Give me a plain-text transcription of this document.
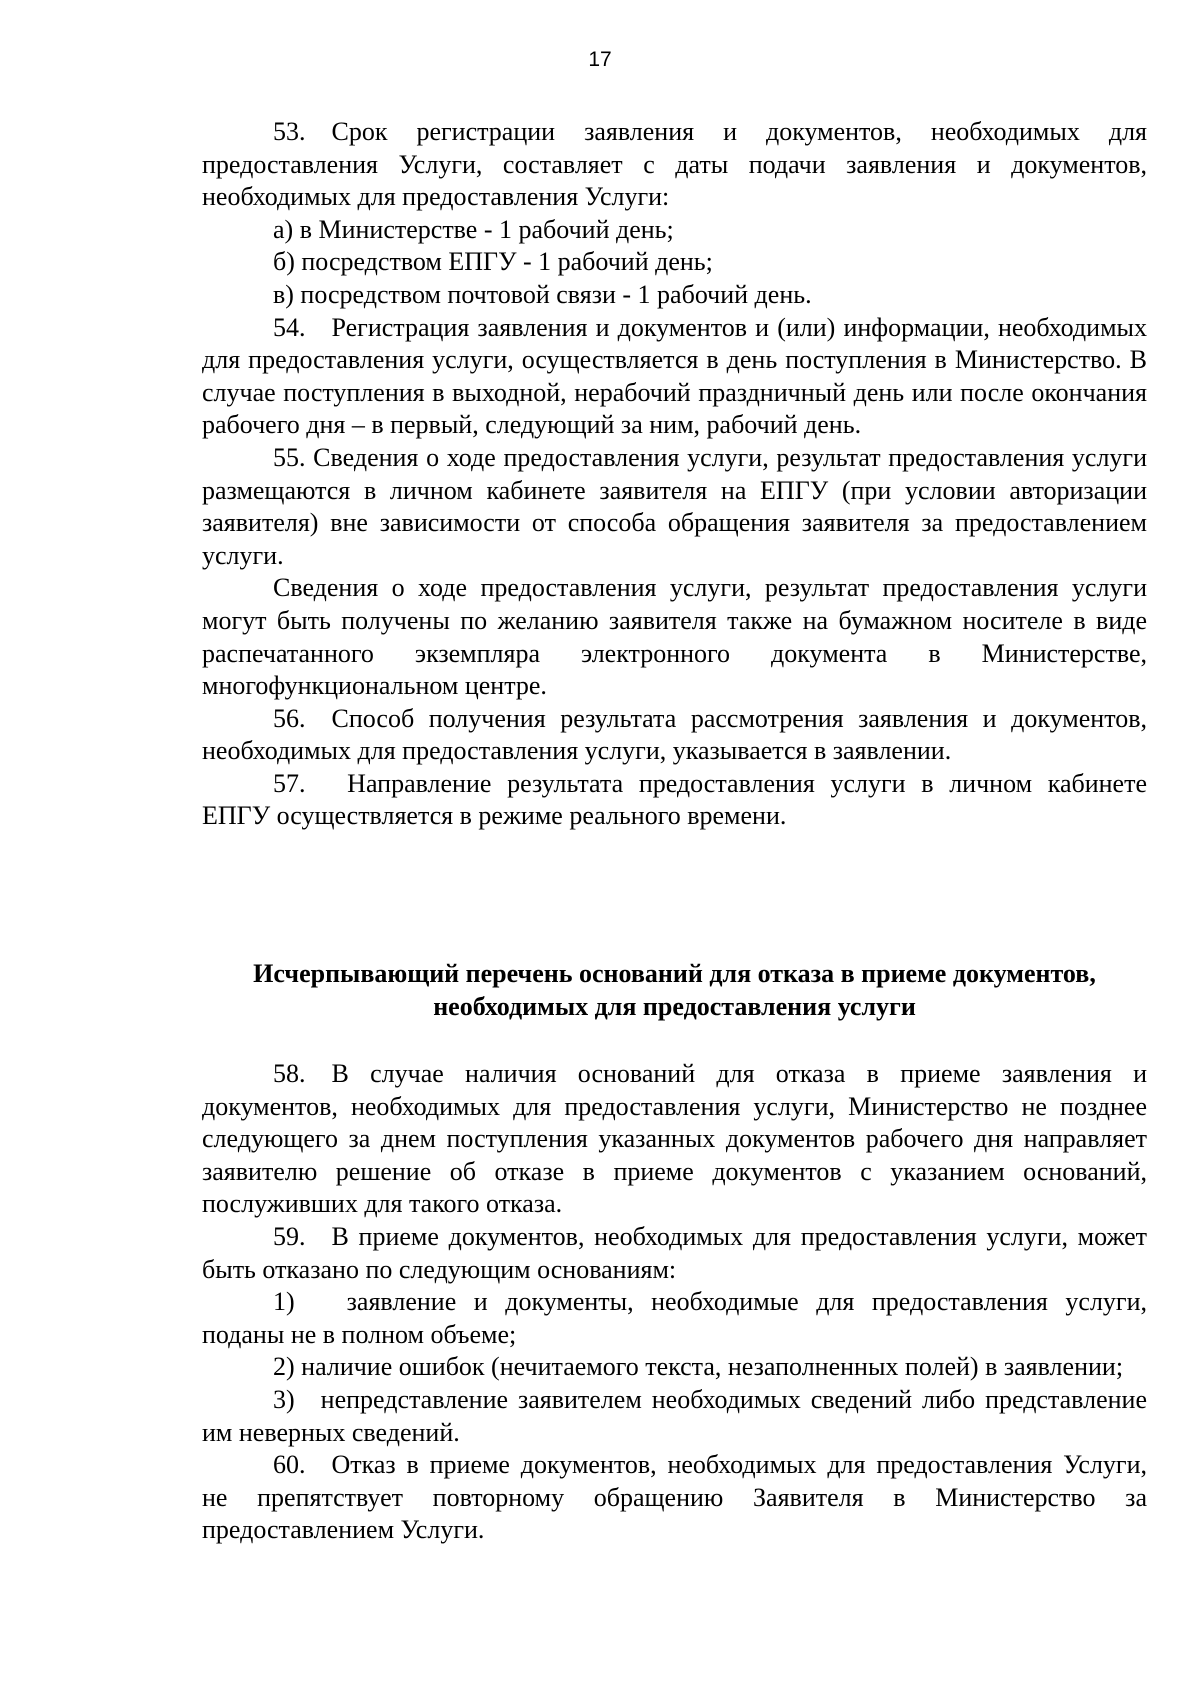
17

53. Срок регистрации заявления и документов, необходимых для предоставления Услуги, составляет с даты подачи заявления и документов, необходимых для предоставления Услуги:

а) в Министерстве - 1 рабочий день;

б) посредством ЕПГУ - 1 рабочий день;

в) посредством почтовой связи - 1 рабочий день.

54. Регистрация заявления и документов и (или) информации, необходимых для предоставления услуги, осуществляется в день поступления в Министерство. В случае поступления в выходной, нерабочий праздничный день или после окончания рабочего дня – в первый, следующий за ним, рабочий день.

55. Сведения о ходе предоставления услуги, результат предоставления услуги размещаются в личном кабинете заявителя на ЕПГУ (при условии авторизации заявителя) вне зависимости от способа обращения заявителя за предоставлением услуги.

Сведения о ходе предоставления услуги, результат предоставления услуги могут быть получены по желанию заявителя также на бумажном носителе в виде распечатанного экземпляра электронного документа в Министерстве, многофункциональном центре.

56. Способ получения результата рассмотрения заявления и документов, необходимых для предоставления услуги, указывается в заявлении.

57.  Направление результата предоставления услуги в личном кабинете ЕПГУ осуществляется в режиме реального времени.

Исчерпывающий перечень оснований для отказа в приеме документов,
необходимых для предоставления услуги

58. В случае наличия оснований для отказа в приеме заявления и документов, необходимых для предоставления услуги, Министерство не позднее следующего за днем поступления указанных документов рабочего дня направляет заявителю решение об отказе в приеме документов с указанием оснований, послуживших для такого отказа.

59. В приеме документов, необходимых для предоставления услуги, может быть отказано по следующим основаниям:

1)  заявление и документы, необходимые для предоставления услуги, поданы не в полном объеме;

2) наличие ошибок (нечитаемого текста, незаполненных полей) в заявлении;

3) непредставление заявителем необходимых сведений либо представление им неверных сведений.

60. Отказ в приеме документов, необходимых для предоставления Услуги, не препятствует повторному обращению Заявителя в Министерство за предоставлением Услуги.
